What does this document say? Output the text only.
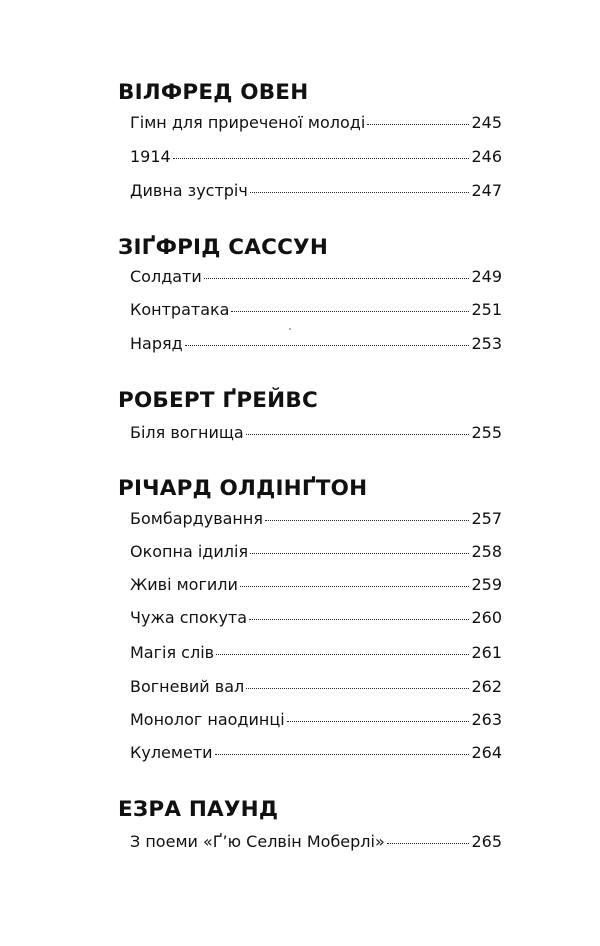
ВІЛФРЕД ОВЕН
Гімн для приреченої молоді	245
1914	246
Дивна зустріч	247
ЗІҐФРІД САССУН
Солдати	249
Контратака	251
Наряд	253
РОБЕРТ ҐРЕЙВС
Біля вогнища	255
РІЧАРД ОЛДІНҐТОН
Бомбардування	257
Окопна ідилія	258
Живі могили	259
Чужа спокута	260
Магія слів	261
Вогневий вал	262
Монолог наодинці	263
Кулемети	264
ЕЗРА ПАУНД
З поеми «Ґ’ю Селвін Моберлі»	265
